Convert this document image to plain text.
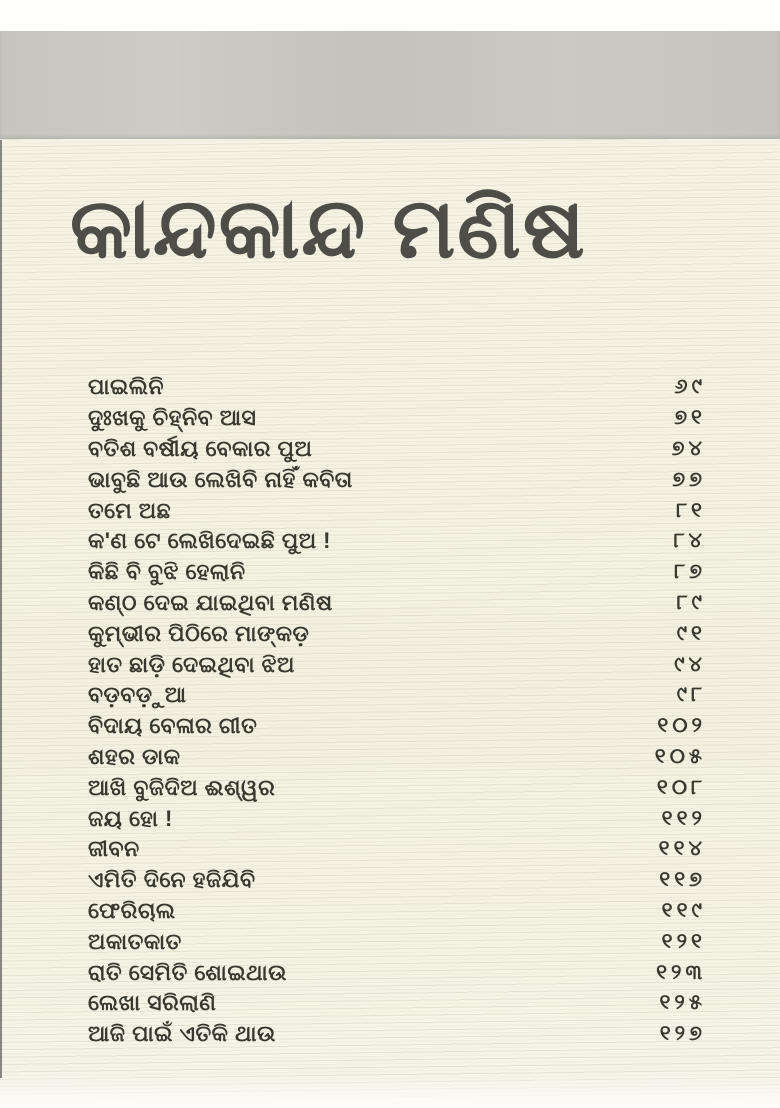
କାନ୍ଦକାନ୍ଦ ମଣିଷ
ପାଇଲିନି	୬୯
ଦୁଃଖକୁ ଚିହ୍ନିବ ଆସ	୭୧
ବତିଶ ବର୍ଷୀୟ ବେକାର ପୁଅ	୭୪
ଭାବୁଛି ଆଉ ଲେଖିବି ନାହିଁ କବିତା	୭୭
ତମେ ଅଛ	୮୧
କ'ଣ ଟେ ଲେଖିଦେଇଛି ପୁଅ !	୮୪
କିଛି ବି ବୁଝି ହେଲାନି	୮୭
କଣ୍ଠ ଦେଇ ଯାଇଥିବା ମଣିଷ	୮୯
କୁମ୍ଭୀର ପିଠିରେ ମାଙ୍କଡ଼	୯୧
ହାତ ଛାଡ଼ି ଦେଇଥିବା ଝିଅ	୯୪
ବଡ଼ବଡ଼ୁଆ	୯୮
ବିଦାୟ ବେଳାର ଗୀତ	୧୦୨
ଶହର ଡାକ	୧୦୫
ଆଖି ବୁଜିଦିଅ ଈଶ୍ୱର	୧୦୮
ଜୟ ହୋ !	୧୧୨
ଜୀବନ	୧୧୪
ଏମିତି ଦିନେ ହଜିଯିବି	୧୧୭
ଫେରିଚାଲ	୧୧୯
ଅକାତକାତ	୧୨୧
ରାତି ସେମିତି ଶୋଇଥାଉ	୧୨୩
ଲେଖା ସରିଲାଣି	୧୨୫
ଆଜି ପାଇଁ ଏତିକି ଥାଉ	୧୨୭
